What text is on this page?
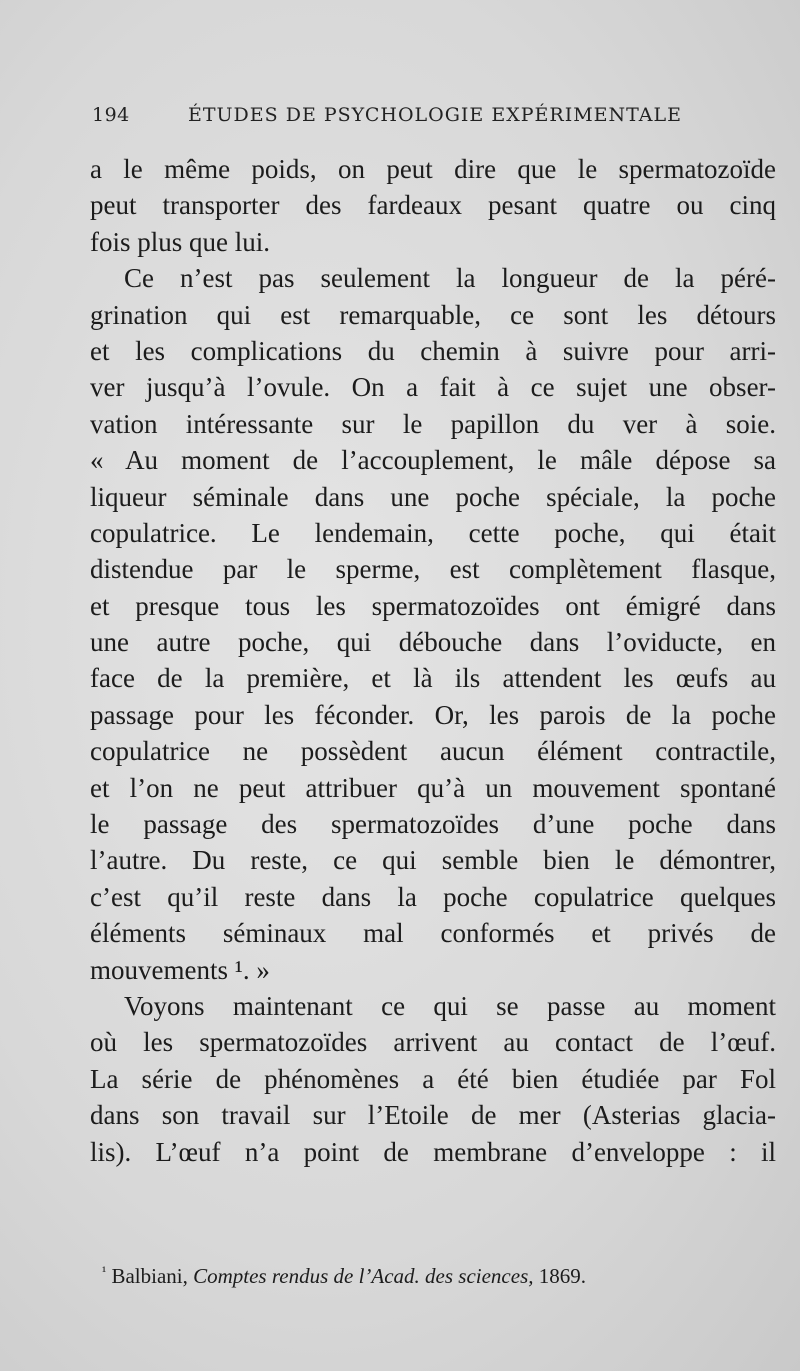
194	ÉTUDES DE PSYCHOLOGIE EXPÉRIMENTALE
a le même poids, on peut dire que le spermatozoïde
peut transporter des fardeaux pesant quatre ou cinq
fois plus que lui.
Ce n’est pas seulement la longueur de la péré-
grination qui est remarquable, ce sont les détours
et les complications du chemin à suivre pour arri-
ver jusqu’à l’ovule. On a fait à ce sujet une obser-
vation intéressante sur le papillon du ver à soie.
« Au moment de l’accouplement, le mâle dépose sa
liqueur séminale dans une poche spéciale, la poche
copulatrice. Le lendemain, cette poche, qui était
distendue par le sperme, est complètement flasque,
et presque tous les spermatozoïdes ont émigré dans
une autre poche, qui débouche dans l’oviducte, en
face de la première, et là ils attendent les œufs au
passage pour les féconder. Or, les parois de la poche
copulatrice ne possèdent aucun élément contractile,
et l’on ne peut attribuer qu’à un mouvement spontané
le passage des spermatozoïdes d’une poche dans
l’autre. Du reste, ce qui semble bien le démontrer,
c’est qu’il reste dans la poche copulatrice quelques
éléments séminaux mal conformés et privés de
mouvements ¹. »
Voyons maintenant ce qui se passe au moment
où les spermatozoïdes arrivent au contact de l’œuf.
La série de phénomènes a été bien étudiée par Fol
dans son travail sur l’Etoile de mer (Asterias glacia-
lis). L’œuf n’a point de membrane d’enveloppe : il
$^{^1}$ Balbiani, Comptes rendus de l’Acad. des sciences, 1869.
